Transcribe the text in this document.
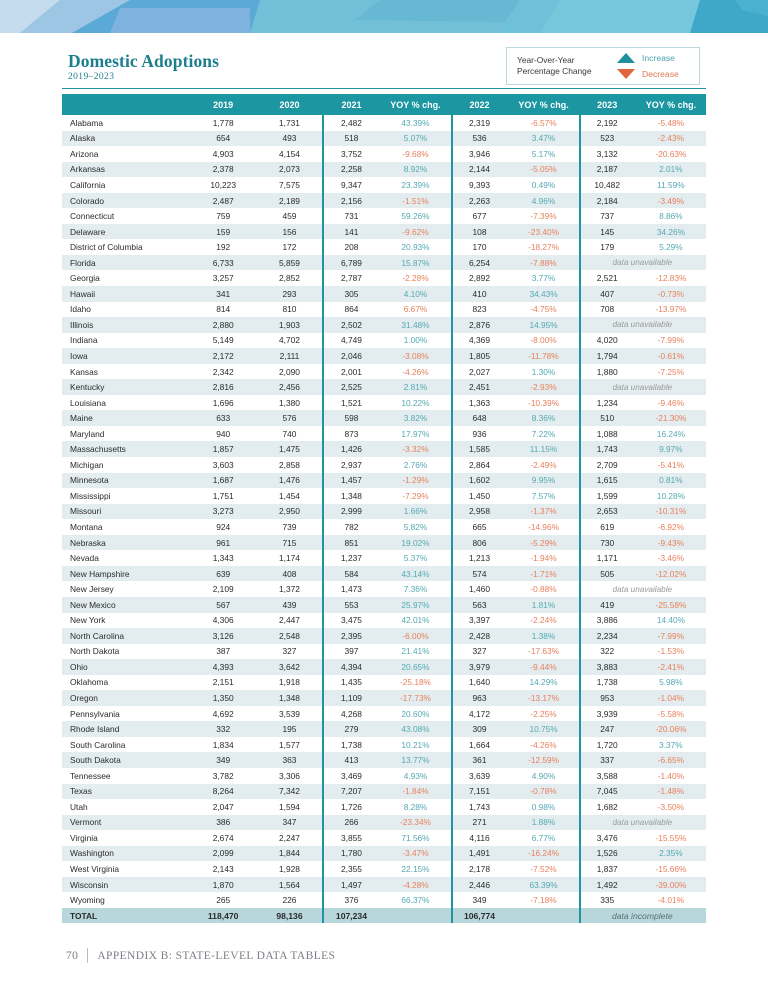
Domestic Adoptions
2019–2023
Year-Over-Year
Percentage Change
Increase
Decrease
	2019	2020	2021	YOY % chg.	2022	YOY % chg.	2023	YOY % chg.
Alabama	1,778	1,731	2,482	43.39%	2,319	-6.57%	2,192	-5.48%
Alaska	654	493	518	5.07%	536	3.47%	523	-2.43%
Arizona	4,903	4,154	3,752	-9.68%	3,946	5.17%	3,132	-20.63%
Arkansas	2,378	2,073	2,258	8.92%	2,144	-5.05%	2,187	2.01%
California	10,223	7,575	9,347	23.39%	9,393	0.49%	10,482	11.59%
Colorado	2,487	2,189	2,156	-1.51%	2,263	4.96%	2,184	-3.49%
Connecticut	759	459	731	59.26%	677	-7.39%	737	8.86%
Delaware	159	156	141	-9.62%	108	-23.40%	145	34.26%
District of Columbia	192	172	208	20.93%	170	-18.27%	179	5.29%
Florida	6,733	5,859	6,789	15.87%	6,254	-7.88%	data unavailable	
Georgia	3,257	2,852	2,787	-2.28%	2,892	3.77%	2,521	-12.83%
Hawaii	341	293	305	4.10%	410	34.43%	407	-0.73%
Idaho	814	810	864	6.67%	823	-4.75%	708	-13.97%
Illinois	2,880	1,903	2,502	31.48%	2,876	14.95%	data unavailable	
Indiana	5,149	4,702	4,749	1.00%	4,369	-8.00%	4,020	-7.99%
Iowa	2,172	2,111	2,046	-3.08%	1,805	-11.78%	1,794	-0.61%
Kansas	2,342	2,090	2,001	-4.26%	2,027	1.30%	1,880	-7.25%
Kentucky	2,816	2,456	2,525	2.81%	2,451	-2.93%	data unavailable	
Louisiana	1,696	1,380	1,521	10.22%	1,363	-10.39%	1,234	-9.46%
Maine	633	576	598	3.82%	648	8.36%	510	-21.30%
Maryland	940	740	873	17.97%	936	7.22%	1,088	16.24%
Massachusetts	1,857	1,475	1,426	-3.32%	1,585	11.15%	1,743	9.97%
Michigan	3,603	2,858	2,937	2.76%	2,864	-2.49%	2,709	-5.41%
Minnesota	1,687	1,476	1,457	-1.29%	1,602	9.95%	1,615	0.81%
Mississippi	1,751	1,454	1,348	-7.29%	1,450	7.57%	1,599	10.28%
Missouri	3,273	2,950	2,999	1.66%	2,958	-1.37%	2,653	-10.31%
Montana	924	739	782	5.82%	665	-14.96%	619	-6.92%
Nebraska	961	715	851	19.02%	806	-5.29%	730	-9.43%
Nevada	1,343	1,174	1,237	5.37%	1,213	-1.94%	1,171	-3.46%
New Hampshire	639	408	584	43.14%	574	-1.71%	505	-12.02%
New Jersey	2,109	1,372	1,473	7.36%	1,460	-0.88%	data unavailable	
New Mexico	567	439	553	25.97%	563	1.81%	419	-25.58%
New York	4,306	2,447	3,475	42.01%	3,397	-2.24%	3,886	14.40%
North Carolina	3,126	2,548	2,395	-6.00%	2,428	1.38%	2,234	-7.99%
North Dakota	387	327	397	21.41%	327	-17.63%	322	-1.53%
Ohio	4,393	3,642	4,394	20.65%	3,979	-9.44%	3,883	-2.41%
Oklahoma	2,151	1,918	1,435	-25.18%	1,640	14.29%	1,738	5.98%
Oregon	1,350	1,348	1,109	-17.73%	963	-13.17%	953	-1.04%
Pennsylvania	4,692	3,539	4,268	20.60%	4,172	-2.25%	3,939	-5.58%
Rhode Island	332	195	279	43.08%	309	10.75%	247	-20.06%
South Carolina	1,834	1,577	1,738	10.21%	1,664	-4.26%	1,720	3.37%
South Dakota	349	363	413	13.77%	361	-12.59%	337	-6.65%
Tennessee	3,782	3,306	3,469	4.93%	3,639	4.90%	3,588	-1.40%
Texas	8,264	7,342	7,207	-1.84%	7,151	-0.78%	7,045	-1.48%
Utah	2,047	1,594	1,726	8.28%	1,743	0.98%	1,682	-3.50%
Vermont	386	347	266	-23.34%	271	1.88%	data unavailable	
Virginia	2,674	2,247	3,855	71.56%	4,116	6.77%	3,476	-15.55%
Washington	2,099	1,844	1,780	-3.47%	1,491	-16.24%	1,526	2.35%
West Virginia	2,143	1,928	2,355	22.15%	2,178	-7.52%	1,837	-15.66%
Wisconsin	1,870	1,564	1,497	-4.28%	2,446	63.39%	1,492	-39.00%
Wyoming	265	226	376	66.37%	349	-7.18%	335	-4.01%
TOTAL	118,470	98,136	107,234		106,774		data incomplete	
70 APPENDIX B: STATE-LEVEL DATA TABLES
